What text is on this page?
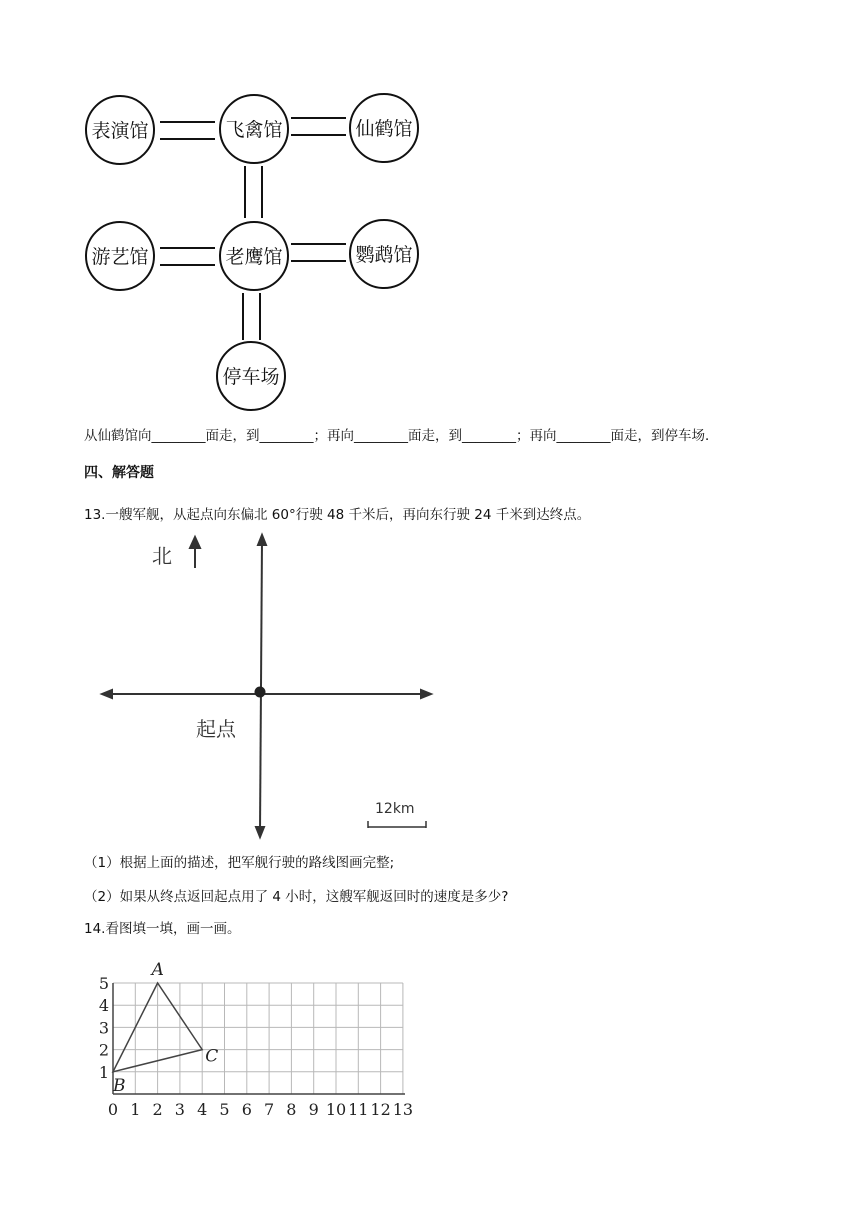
表演馆	飞禽馆	仙鹤馆
游艺馆	老鹰馆	鹦鹉馆
停车场
北
起点
12km
0 1 2 3 4 5 6 7 8 9 10 11 12 13
1
2
3
4
5
A
B
C
从仙鹤馆向________面走，到________；再向________面走，到________；再向________面走，到停车场．
四、解答题
13.一艘军舰，从起点向东偏北 60°行驶 48 千米后，再向东行驶 24 千米到达终点。
（1）根据上面的描述，把军舰行驶的路线图画完整;
（2）如果从终点返回起点用了 4 小时，这艘军舰返回时的速度是多少?
14.看图填一填，画一画。
